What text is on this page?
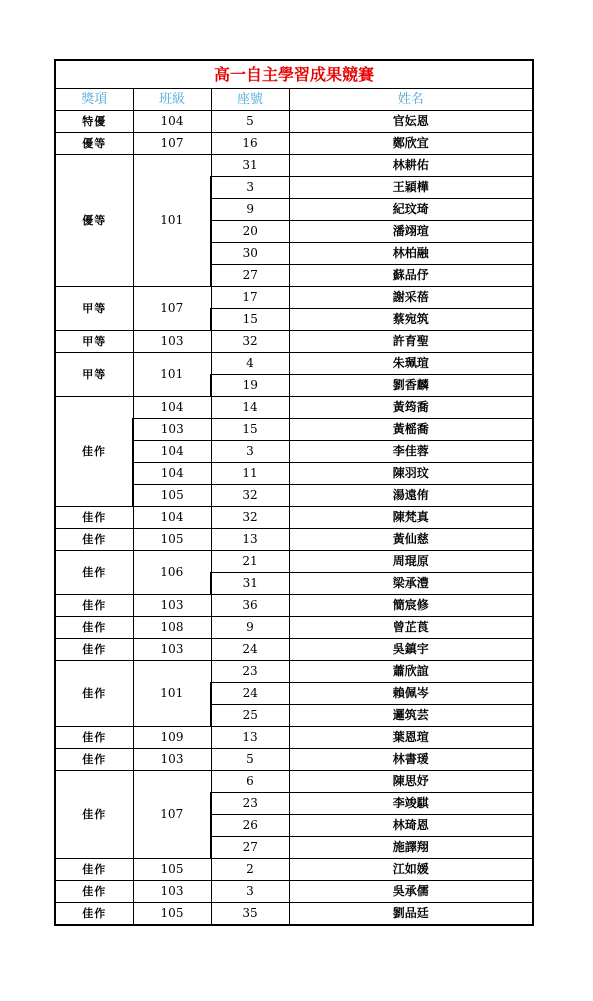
高一自主學習成果競賽			
獎項	班級	座號	姓名
特優	104	5	官妘恩
優等	107	16	鄭欣宜
優等	101	31	林耕佑
		3	王穎樺
		9	紀玟琦
		20	潘翊瑄
		30	林柏融
		27	蘇品伃
甲等	107	17	謝采蓓
		15	蔡宛筑
甲等	103	32	許育聖
甲等	101	4	朱珮瑄
		19	劉香麟
佳作	104	14	黃筠喬
	103	15	黃榣喬
	104	3	李佳蓉
	104	11	陳羽玟
	105	32	湯遠侑
佳作	104	32	陳梵真
佳作	105	13	黃仙慈
佳作	106	21	周琨原
		31	梁承澧
佳作	103	36	簡宸修
佳作	108	9	曾芷莨
佳作	103	24	吳鎮宇
佳作	101	23	蕭欣誼
		24	賴佩岑
		25	邏筑芸
佳作	109	13	葉恩瑄
佳作	103	5	林書瑗
佳作	107	6	陳思妤
		23	李竣騏
		26	林琦恩
		27	施譯翔
佳作	105	2	江如媛
佳作	103	3	吳承儒
佳作	105	35	劉品廷
